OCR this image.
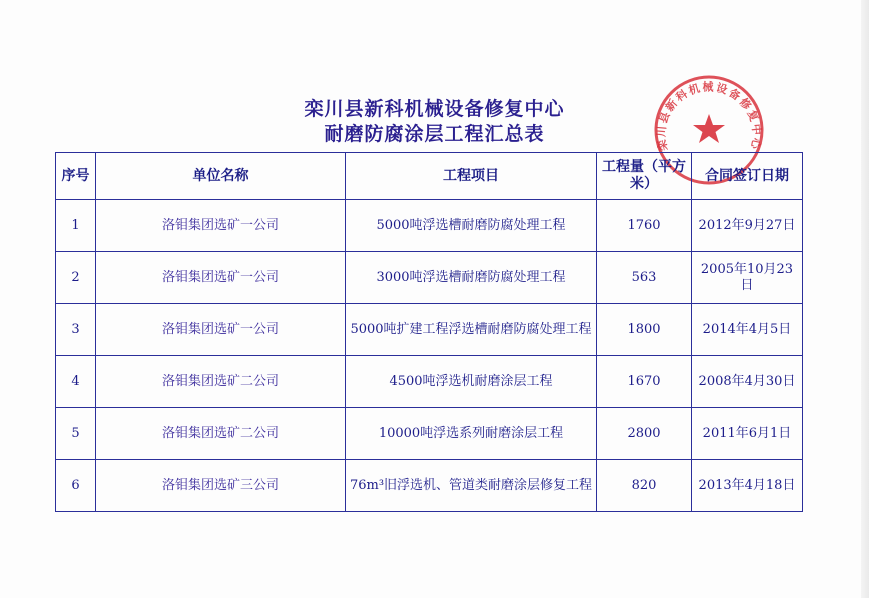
栾川县新科机械设备修复中心
耐磨防腐涂层工程汇总表	栾川县新科机械设备修复中心
序号	单位名称	工程项目	工程量（平方米）	合同签订日期
1	洛钼集团选矿一公司	5000吨浮选槽耐磨防腐处理工程	1760	2012年9月27日
2	洛钼集团选矿一公司	3000吨浮选槽耐磨防腐处理工程	563	2005年10月23日
3	洛钼集团选矿一公司	5000吨扩建工程浮选槽耐磨防腐处理工程	1800	2014年4月5日
4	洛钼集团选矿二公司	4500吨浮选机耐磨涂层工程	1670	2008年4月30日
5	洛钼集团选矿二公司	10000吨浮选系列耐磨涂层工程	2800	2011年6月1日
6	洛钼集团选矿三公司	76m³旧浮选机、管道类耐磨涂层修复工程	820	2013年4月18日
